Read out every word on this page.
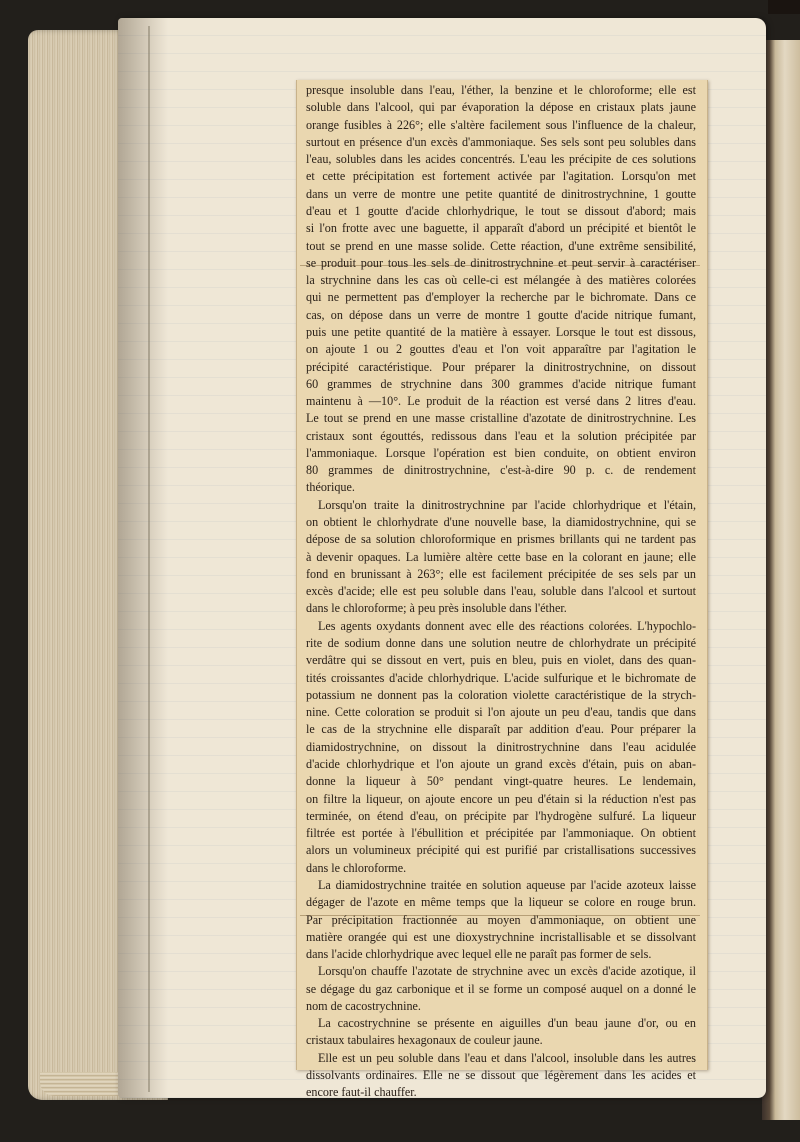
presque insoluble dans l'eau, l'éther, la benzine et le chloroforme; elle est

soluble dans l'alcool, qui par évaporation la dépose en cristaux plats jaune

orange fusibles à 226°; elle s'altère facilement sous l'influence de la chaleur,

surtout en présence d'un excès d'ammoniaque. Ses sels sont peu solubles dans

l'eau, solubles dans les acides concentrés. L'eau les précipite de ces solutions

et cette précipitation est fortement activée par l'agitation. Lorsqu'on met

dans un verre de montre une petite quantité de dinitrostrychnine, 1 goutte

d'eau et 1 goutte d'acide chlorhydrique, le tout se dissout d'abord; mais

si l'on frotte avec une baguette, il apparaît d'abord un précipité et bientôt le

tout se prend en une masse solide. Cette réaction, d'une extrême sensibilité,

se produit pour tous les sels de dinitrostrychnine et peut servir à caractériser

la strychnine dans les cas où celle-ci est mélangée à des matières colorées

qui ne permettent pas d'employer la recherche par le bichromate. Dans ce

cas, on dépose dans un verre de montre 1 goutte d'acide nitrique fumant,

puis une petite quantité de la matière à essayer. Lorsque le tout est dissous,

on ajoute 1 ou 2 gouttes d'eau et l'on voit apparaître par l'agitation le

précipité caractéristique. Pour préparer la dinitrostrychnine, on dissout

60 grammes de strychnine dans 300 grammes d'acide nitrique fumant

maintenu à —10°. Le produit de la réaction est versé dans 2 litres d'eau.

Le tout se prend en une masse cristalline d'azotate de dinitrostrychnine. Les

cristaux sont égouttés, redissous dans l'eau et la solution précipitée par

l'ammoniaque. Lorsque l'opération est bien conduite, on obtient environ

80 grammes de dinitrostrychnine, c'est-à-dire 90 p. c. de rendement

théorique.

Lorsqu'on traite la dinitrostrychnine par l'acide chlorhydrique et l'étain,

on obtient le chlorhydrate d'une nouvelle base, la diamidostrychnine, qui se

dépose de sa solution chloroformique en prismes brillants qui ne tardent pas

à devenir opaques. La lumière altère cette base en la colorant en jaune; elle

fond en brunissant à 263°; elle est facilement précipitée de ses sels par un

excès d'acide; elle est peu soluble dans l'eau, soluble dans l'alcool et surtout

dans le chloroforme; à peu près insoluble dans l'éther.

Les agents oxydants donnent avec elle des réactions colorées. L'hypochlo-

rite de sodium donne dans une solution neutre de chlorhydrate un précipité

verdâtre qui se dissout en vert, puis en bleu, puis en violet, dans des quan-

tités croissantes d'acide chlorhydrique. L'acide sulfurique et le bichromate de

potassium ne donnent pas la coloration violette caractéristique de la strych-

nine. Cette coloration se produit si l'on ajoute un peu d'eau, tandis que dans

le cas de la strychnine elle disparaît par addition d'eau. Pour préparer la

diamidostrychnine, on dissout la dinitrostrychnine dans l'eau acidulée

d'acide chlorhydrique et l'on ajoute un grand excès d'étain, puis on aban-

donne la liqueur à 50° pendant vingt-quatre heures. Le lendemain,

on filtre la liqueur, on ajoute encore un peu d'étain si la réduction n'est pas

terminée, on étend d'eau, on précipite par l'hydrogène sulfuré. La liqueur

filtrée est portée à l'ébullition et précipitée par l'ammoniaque. On obtient

alors un volumineux précipité qui est purifié par cristallisations successives

dans le chloroforme.

La diamidostrychnine traitée en solution aqueuse par l'acide azoteux laisse

dégager de l'azote en même temps que la liqueur se colore en rouge brun.

Par précipitation fractionnée au moyen d'ammoniaque, on obtient une

matière orangée qui est une dioxystrychnine incristallisable et se dissolvant

dans l'acide chlorhydrique avec lequel elle ne paraît pas former de sels.

Lorsqu'on chauffe l'azotate de strychnine avec un excès d'acide azotique, il

se dégage du gaz carbonique et il se forme un composé auquel on a donné le

nom de cacostrychnine.

La cacostrychnine se présente en aiguilles d'un beau jaune d'or, ou en

cristaux tabulaires hexagonaux de couleur jaune.

Elle est un peu soluble dans l'eau et dans l'alcool, insoluble dans les autres

dissolvants ordinaires. Elle ne se dissout que légèrement dans les acides et

encore faut-il chauffer.
